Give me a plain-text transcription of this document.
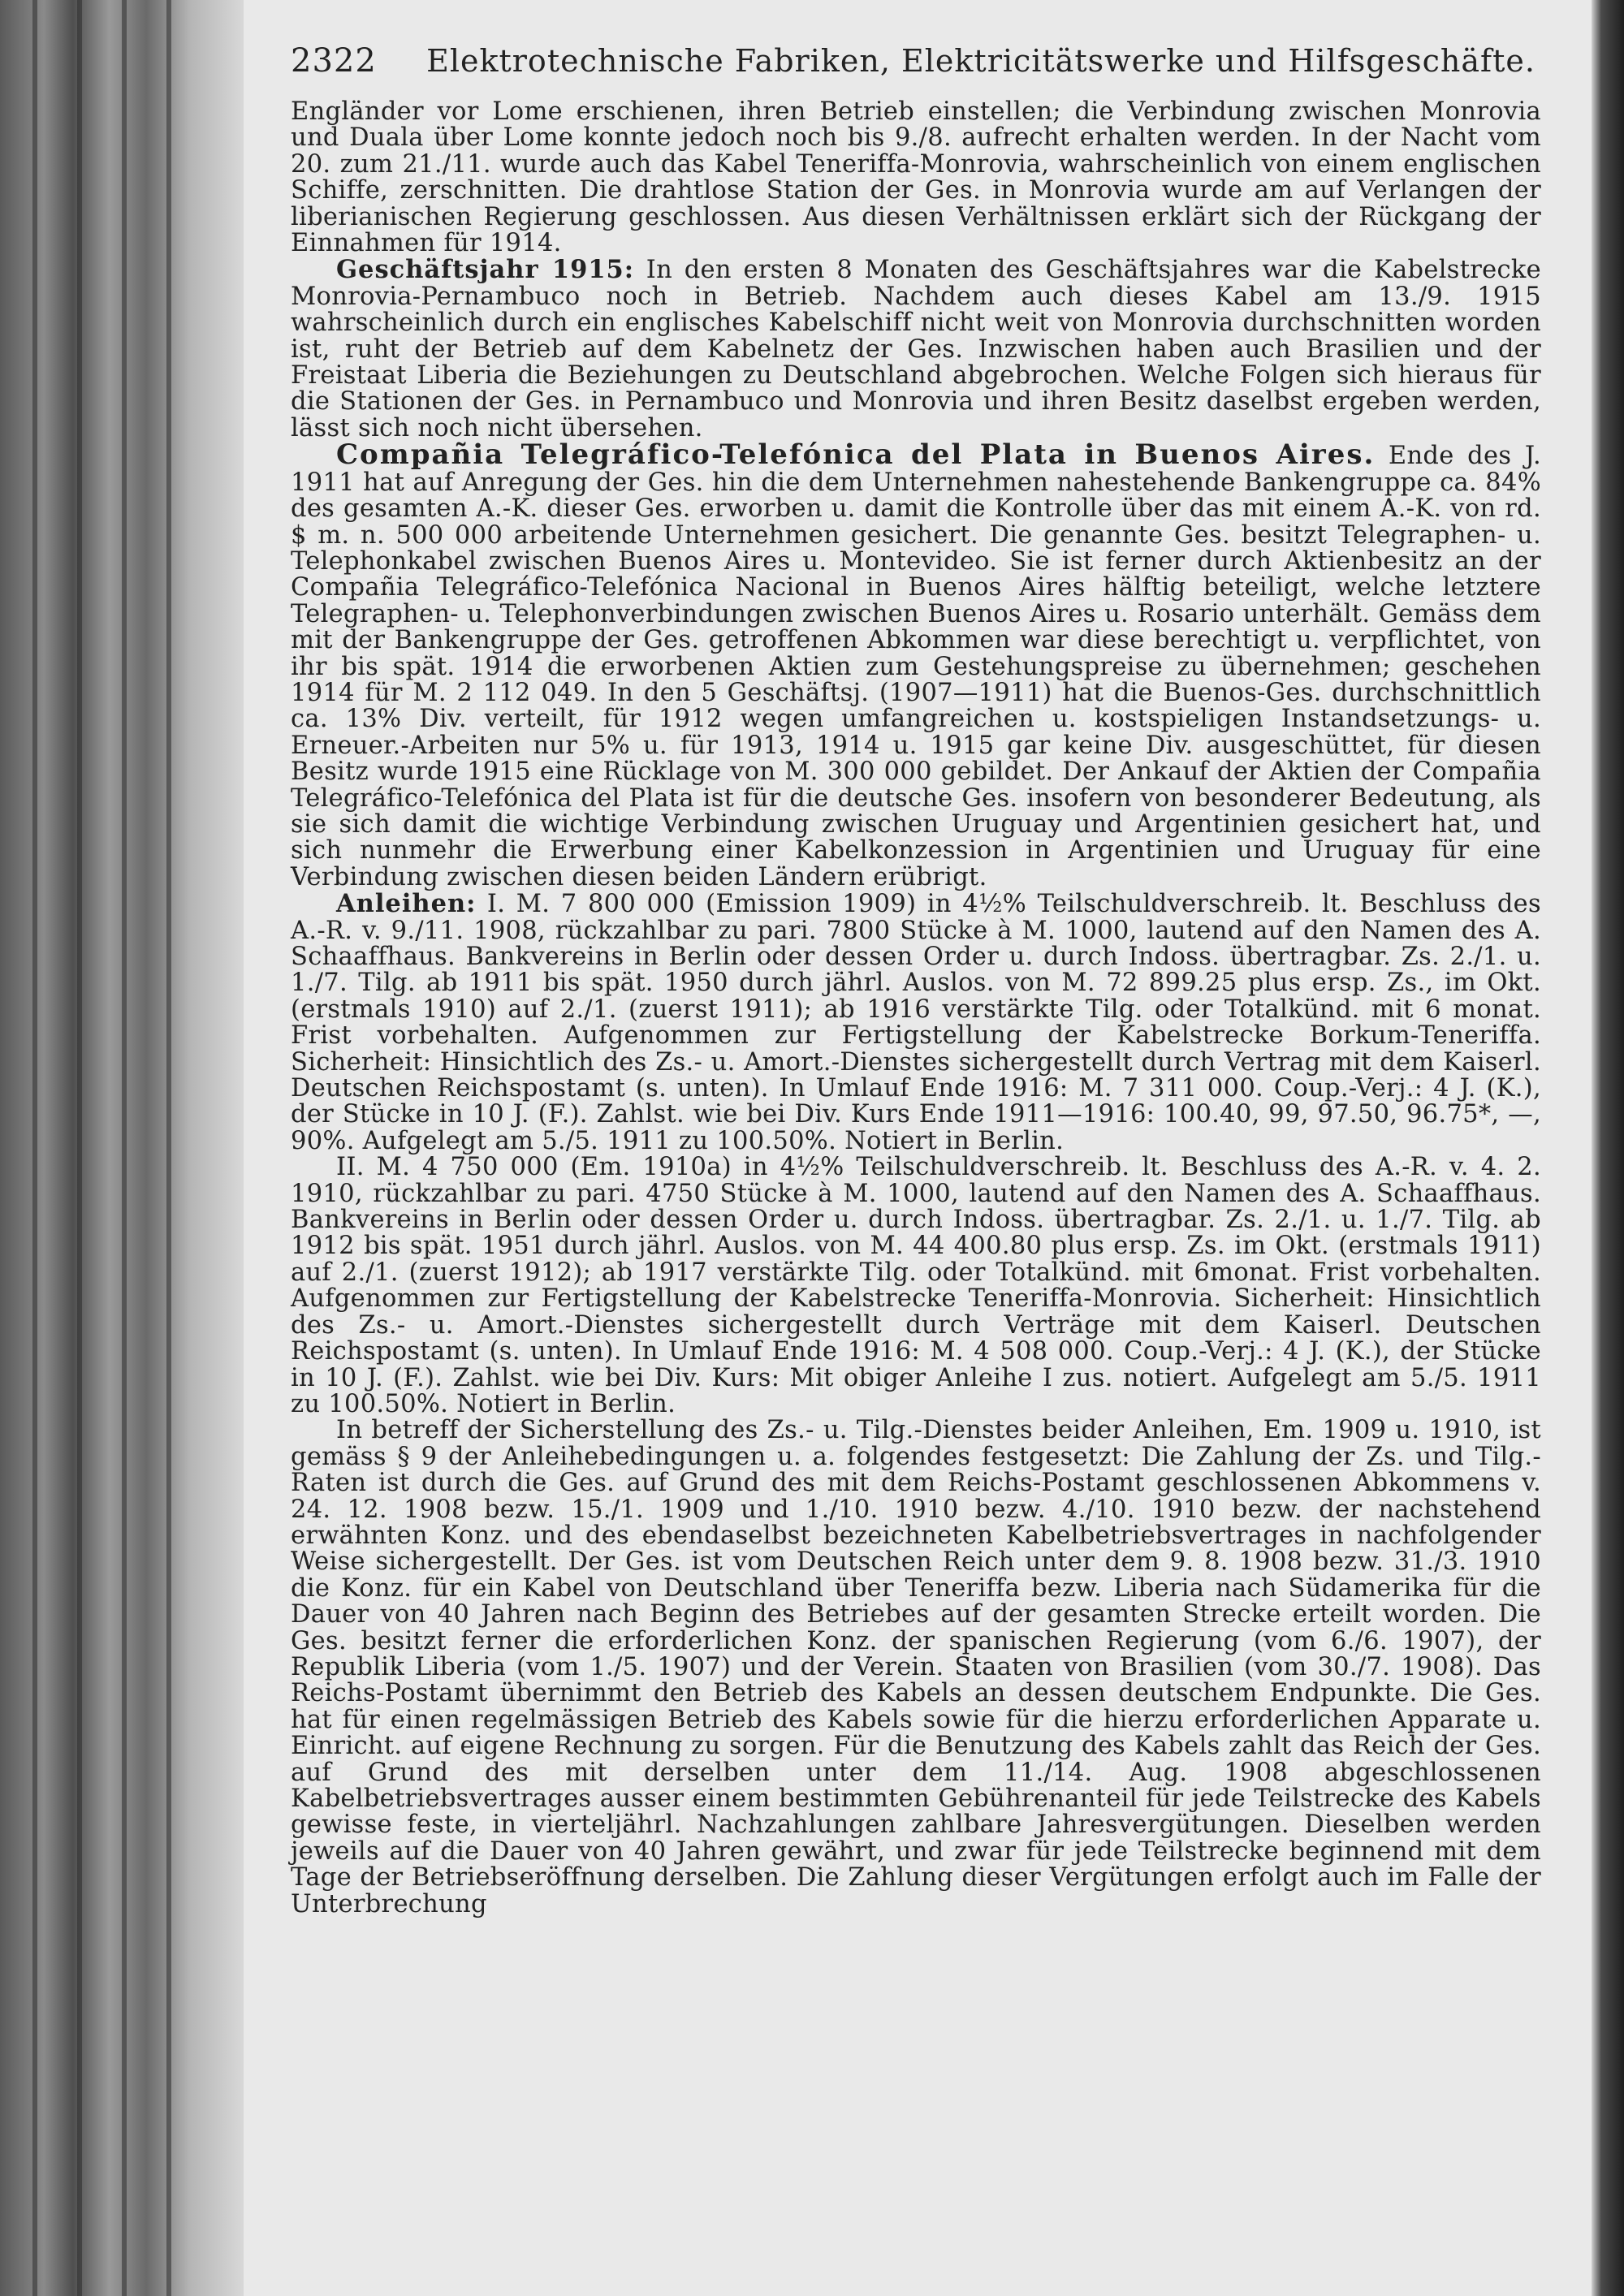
2322	Elektrotechnische Fabriken, Elektricitätswerke und Hilfsgeschäfte.

Engländer vor Lome erschienen, ihren Betrieb einstellen; die Verbindung zwischen Monrovia und Duala über Lome konnte jedoch noch bis 9./8. aufrecht erhalten werden. In der Nacht vom 20. zum 21./11. wurde auch das Kabel Teneriffa-Monrovia, wahrscheinlich von einem englischen Schiffe, zerschnitten. Die drahtlose Station der Ges. in Monrovia wurde am auf Verlangen der liberianischen Regierung geschlossen. Aus diesen Verhältnissen erklärt sich der Rückgang der Einnahmen für 1914.

Geschäftsjahr 1915: In den ersten 8 Monaten des Geschäftsjahres war die Kabelstrecke Monrovia-Pernambuco noch in Betrieb. Nachdem auch dieses Kabel am 13./9. 1915 wahrscheinlich durch ein englisches Kabelschiff nicht weit von Monrovia durchschnitten worden ist, ruht der Betrieb auf dem Kabelnetz der Ges. Inzwischen haben auch Brasilien und der Freistaat Liberia die Beziehungen zu Deutschland abgebrochen. Welche Folgen sich hieraus für die Stationen der Ges. in Pernambuco und Monrovia und ihren Besitz daselbst ergeben werden, lässt sich noch nicht übersehen.

Compañia Telegráfico-Telefónica del Plata in Buenos Aires. Ende des J. 1911 hat auf Anregung der Ges. hin die dem Unternehmen nahestehende Bankengruppe ca. 84% des gesamten A.-K. dieser Ges. erworben u. damit die Kontrolle über das mit einem A.-K. von rd. $ m. n. 500 000 arbeitende Unternehmen gesichert. Die genannte Ges. besitzt Telegraphen- u. Telephonkabel zwischen Buenos Aires u. Montevideo. Sie ist ferner durch Aktienbesitz an der Compañia Telegráfico-Telefónica Nacional in Buenos Aires hälftig beteiligt, welche letztere Telegraphen- u. Telephonverbindungen zwischen Buenos Aires u. Rosario unterhält. Gemäss dem mit der Bankengruppe der Ges. getroffenen Abkommen war diese berechtigt u. verpflichtet, von ihr bis spät. 1914 die erworbenen Aktien zum Gestehungspreise zu übernehmen; geschehen 1914 für M. 2 112 049. In den 5 Geschäftsj. (1907—1911) hat die Buenos-Ges. durchschnittlich ca. 13% Div. verteilt, für 1912 wegen umfangreichen u. kostspieligen Instandsetzungs- u. Erneuer.-Arbeiten nur 5% u. für 1913, 1914 u. 1915 gar keine Div. ausgeschüttet, für diesen Besitz wurde 1915 eine Rücklage von M. 300 000 gebildet. Der Ankauf der Aktien der Compañia Telegráfico-Telefónica del Plata ist für die deutsche Ges. insofern von besonderer Bedeutung, als sie sich damit die wichtige Verbindung zwischen Uruguay und Argentinien gesichert hat, und sich nunmehr die Erwerbung einer Kabelkonzession in Argentinien und Uruguay für eine Verbindung zwischen diesen beiden Ländern erübrigt.

Anleihen: I. M. 7 800 000 (Emission 1909) in 4½% Teilschuldverschreib. lt. Beschluss des A.-R. v. 9./11. 1908, rückzahlbar zu pari. 7800 Stücke à M. 1000, lautend auf den Namen des A. Schaaffhaus. Bankvereins in Berlin oder dessen Order u. durch Indoss. übertragbar. Zs. 2./1. u. 1./7. Tilg. ab 1911 bis spät. 1950 durch jährl. Auslos. von M. 72 899.25 plus ersp. Zs., im Okt. (erstmals 1910) auf 2./1. (zuerst 1911); ab 1916 verstärkte Tilg. oder Totalkünd. mit 6 monat. Frist vorbehalten. Aufgenommen zur Fertigstellung der Kabelstrecke Borkum-Teneriffa. Sicherheit: Hinsichtlich des Zs.- u. Amort.-Dienstes sichergestellt durch Vertrag mit dem Kaiserl. Deutschen Reichspostamt (s. unten). In Umlauf Ende 1916: M. 7 311 000. Coup.-Verj.: 4 J. (K.), der Stücke in 10 J. (F.). Zahlst. wie bei Div. Kurs Ende 1911—1916: 100.40, 99, 97.50, 96.75*, —, 90%. Aufgelegt am 5./5. 1911 zu 100.50%. Notiert in Berlin.

II. M. 4 750 000 (Em. 1910a) in 4½% Teilschuldverschreib. lt. Beschluss des A.-R. v. 4. 2. 1910, rückzahlbar zu pari. 4750 Stücke à M. 1000, lautend auf den Namen des A. Schaaffhaus. Bankvereins in Berlin oder dessen Order u. durch Indoss. übertragbar. Zs. 2./1. u. 1./7. Tilg. ab 1912 bis spät. 1951 durch jährl. Auslos. von M. 44 400.80 plus ersp. Zs. im Okt. (erstmals 1911) auf 2./1. (zuerst 1912); ab 1917 verstärkte Tilg. oder Totalkünd. mit 6monat. Frist vorbehalten. Aufgenommen zur Fertigstellung der Kabelstrecke Teneriffa-Monrovia. Sicherheit: Hinsichtlich des Zs.- u. Amort.-Dienstes sichergestellt durch Verträge mit dem Kaiserl. Deutschen Reichspostamt (s. unten). In Umlauf Ende 1916: M. 4 508 000. Coup.-Verj.: 4 J. (K.), der Stücke in 10 J. (F.). Zahlst. wie bei Div. Kurs: Mit obiger Anleihe I zus. notiert. Aufgelegt am 5./5. 1911 zu 100.50%. Notiert in Berlin.

In betreff der Sicherstellung des Zs.- u. Tilg.-Dienstes beider Anleihen, Em. 1909 u. 1910, ist gemäss § 9 der Anleihebedingungen u. a. folgendes festgesetzt: Die Zahlung der Zs. und Tilg.-Raten ist durch die Ges. auf Grund des mit dem Reichs-Postamt geschlossenen Abkommens v. 24. 12. 1908 bezw. 15./1. 1909 und 1./10. 1910 bezw. 4./10. 1910 bezw. der nachstehend erwähnten Konz. und des ebendaselbst bezeichneten Kabelbetriebsvertrages in nachfolgender Weise sichergestellt. Der Ges. ist vom Deutschen Reich unter dem 9. 8. 1908 bezw. 31./3. 1910 die Konz. für ein Kabel von Deutschland über Teneriffa bezw. Liberia nach Südamerika für die Dauer von 40 Jahren nach Beginn des Betriebes auf der gesamten Strecke erteilt worden. Die Ges. besitzt ferner die erforderlichen Konz. der spanischen Regierung (vom 6./6. 1907), der Republik Liberia (vom 1./5. 1907) und der Verein. Staaten von Brasilien (vom 30./7. 1908). Das Reichs-Postamt übernimmt den Betrieb des Kabels an dessen deutschem Endpunkte. Die Ges. hat für einen regelmässigen Betrieb des Kabels sowie für die hierzu erforderlichen Apparate u. Einricht. auf eigene Rechnung zu sorgen. Für die Benutzung des Kabels zahlt das Reich der Ges. auf Grund des mit derselben unter dem 11./14. Aug. 1908 abgeschlossenen Kabelbetriebsvertrages ausser einem bestimmten Gebührenanteil für jede Teilstrecke des Kabels gewisse feste, in vierteljährl. Nachzahlungen zahlbare Jahresvergütungen. Dieselben werden jeweils auf die Dauer von 40 Jahren gewährt, und zwar für jede Teilstrecke beginnend mit dem Tage der Betriebseröffnung derselben. Die Zahlung dieser Vergütungen erfolgt auch im Falle der Unterbrechung
